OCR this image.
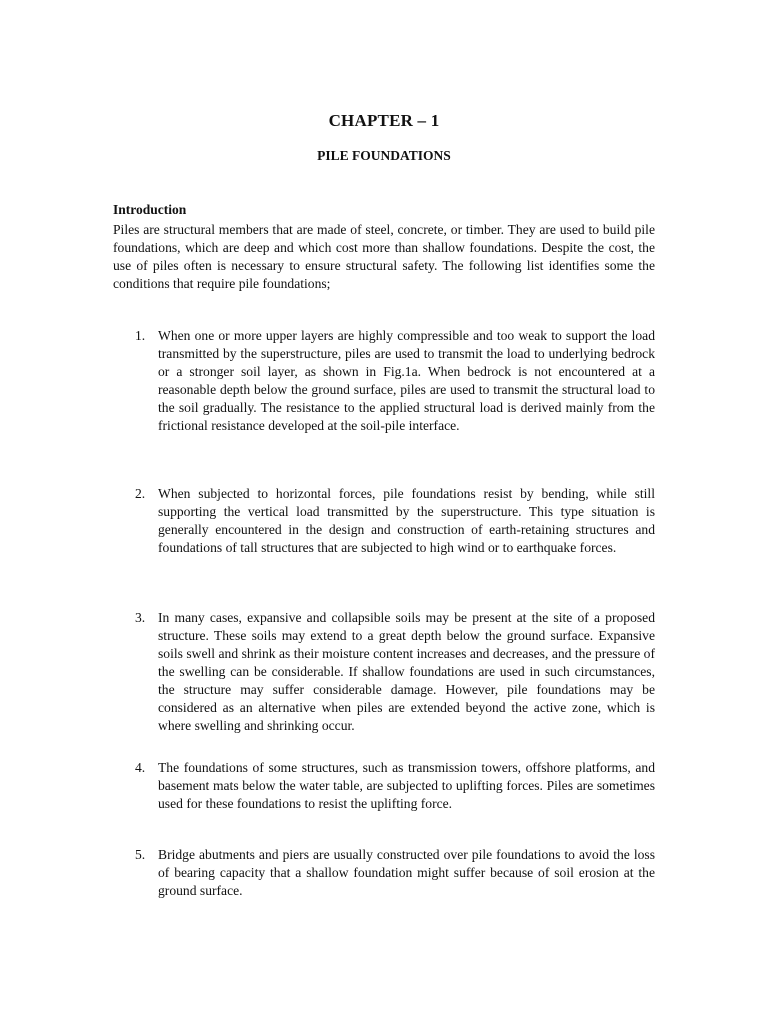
CHAPTER – 1
PILE FOUNDATIONS
Introduction

Piles are structural members that are made of steel, concrete, or timber. They are used to build pile foundations, which are deep and which cost more than shallow foundations. Despite the cost, the use of piles often is necessary to ensure structural safety. The following list identifies some the conditions that require pile foundations;

1. When one or more upper layers are highly compressible and too weak to support the load transmitted by the superstructure, piles are used to transmit the load to underlying bedrock or a stronger soil layer, as shown in Fig.1a. When bedrock is not encountered at a reasonable depth below the ground surface, piles are used to transmit the structural load to the soil gradually. The resistance to the applied structural load is derived mainly from the frictional resistance developed at the soil-pile interface.

2. When subjected to horizontal forces, pile foundations resist by bending, while still supporting the vertical load transmitted by the superstructure. This type situation is generally encountered in the design and construction of earth-retaining structures and foundations of tall structures that are subjected to high wind or to earthquake forces.

3. In many cases, expansive and collapsible soils may be present at the site of a proposed structure. These soils may extend to a great depth below the ground surface. Expansive soils swell and shrink as their moisture content increases and decreases, and the pressure of the swelling can be considerable. If shallow foundations are used in such circumstances, the structure may suffer considerable damage. However, pile foundations may be considered as an alternative when piles are extended beyond the active zone, which is where swelling and shrinking occur.

4. The foundations of some structures, such as transmission towers, offshore platforms, and basement mats below the water table, are subjected to uplifting forces. Piles are sometimes used for these foundations to resist the uplifting force.

5. Bridge abutments and piers are usually constructed over pile foundations to avoid the loss of bearing capacity that a shallow foundation might suffer because of soil erosion at the ground surface.
